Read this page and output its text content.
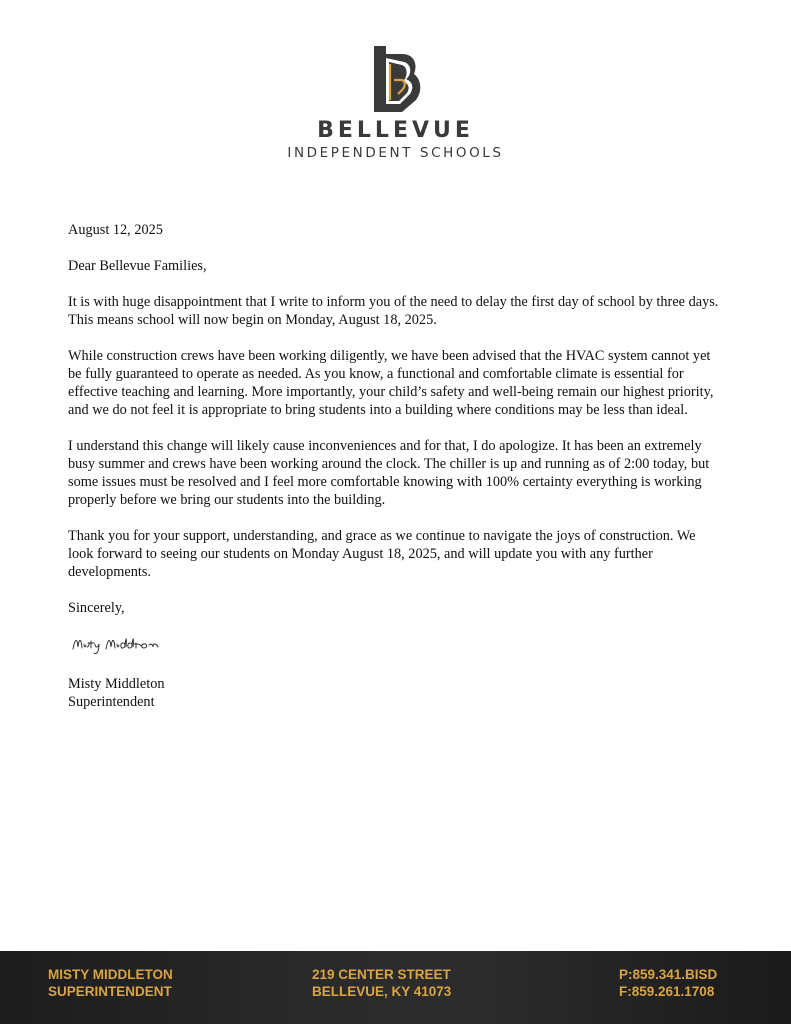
BELLEVUE
INDEPENDENT SCHOOLS

August 12, 2025

Dear Bellevue Families,

It is with huge disappointment that I write to inform you of the need to delay the first day of school by three days. This means school will now begin on Monday, August 18, 2025.

While construction crews have been working diligently, we have been advised that the HVAC system cannot yet be fully guaranteed to operate as needed. As you know, a functional and comfortable climate is essential for effective teaching and learning. More importantly, your child’s safety and well-being remain our highest priority, and we do not feel it is appropriate to bring students into a building where conditions may be less than ideal.

I understand this change will likely cause inconveniences and for that, I do apologize. It has been an extremely busy summer and crews have been working around the clock. The chiller is up and running as of 2:00 today, but some issues must be resolved and I feel more comfortable knowing with 100% certainty everything is working properly before we bring our students into the building.

Thank you for your support, understanding, and grace as we continue to navigate the joys of construction. We look forward to seeing our students on Monday August 18, 2025, and will update you with any further developments.

Sincerely,

Misty Middleton
Superintendent
MISTY MIDDLETON
SUPERINTENDENT
219 CENTER STREET
BELLEVUE, KY 41073
P:859.341.BISD
F:859.261.1708
